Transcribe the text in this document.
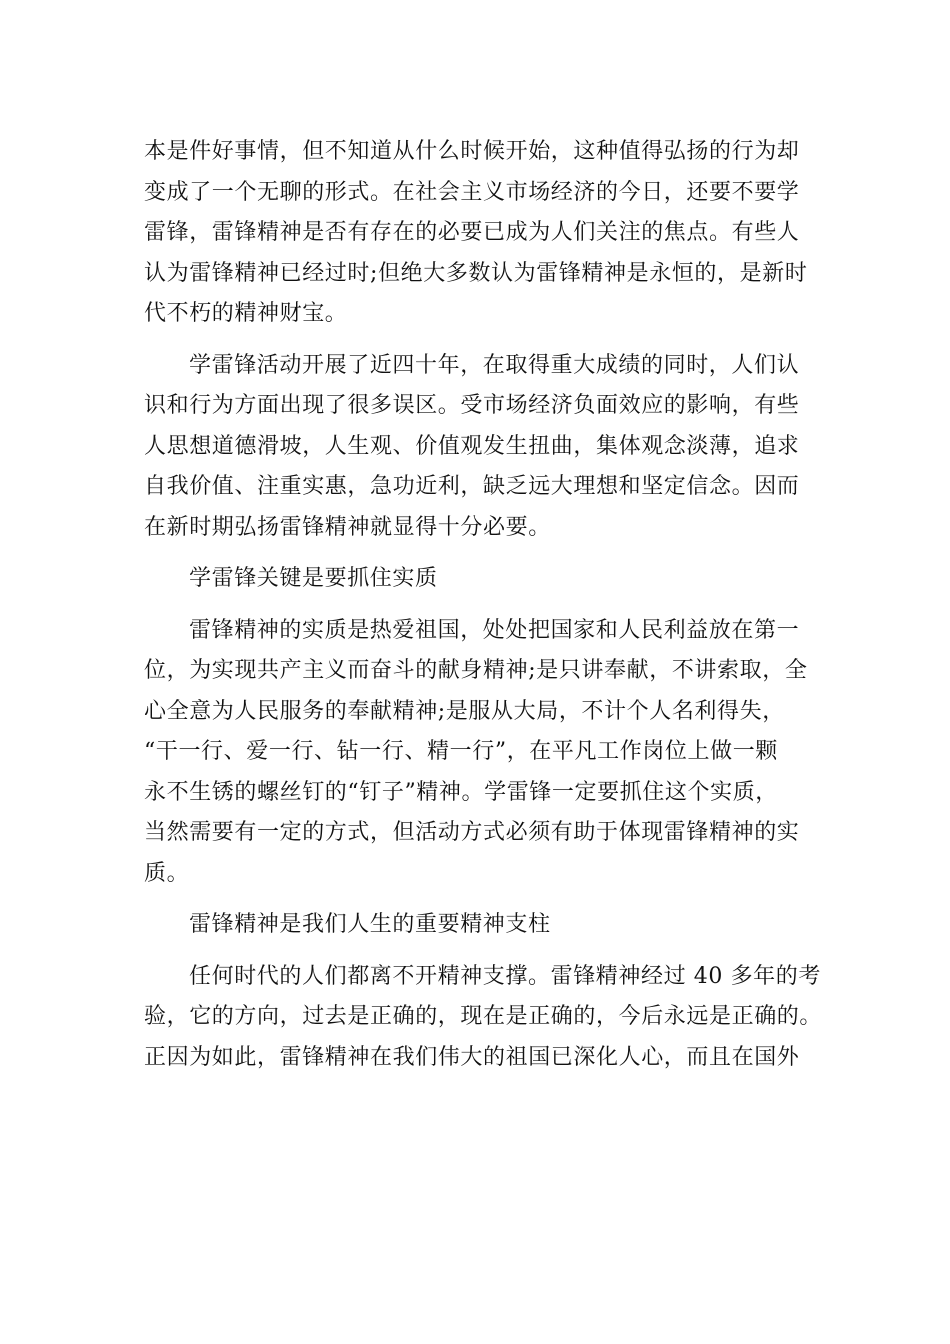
本是件好事情，但不知道从什么时候开始，这种值得弘扬的行为却
变成了一个无聊的形式。在社会主义市场经济的今日，还要不要学
雷锋，雷锋精神是否有存在的必要已成为人们关注的焦点。有些人
认为雷锋精神已经过时;但绝大多数认为雷锋精神是永恒的，是新时
代不朽的精神财宝。

学雷锋活动开展了近四十年，在取得重大成绩的同时，人们认
识和行为方面出现了很多误区。受市场经济负面效应的影响，有些
人思想道德滑坡，人生观、价值观发生扭曲，集体观念淡薄，追求
自我价值、注重实惠，急功近利，缺乏远大理想和坚定信念。因而
在新时期弘扬雷锋精神就显得十分必要。

学雷锋关键是要抓住实质

雷锋精神的实质是热爱祖国，处处把国家和人民利益放在第一
位，为实现共产主义而奋斗的献身精神;是只讲奉献，不讲索取，全
心全意为人民服务的奉献精神;是服从大局，不计个人名利得失，
“干一行、爱一行、钻一行、精一行”，在平凡工作岗位上做一颗
永不生锈的螺丝钉的“钉子”精神。学雷锋一定要抓住这个实质，
当然需要有一定的方式，但活动方式必须有助于体现雷锋精神的实
质。

雷锋精神是我们人生的重要精神支柱

任何时代的人们都离不开精神支撑。雷锋精神经过 40 多年的考
验，它的方向，过去是正确的，现在是正确的，今后永远是正确的。
正因为如此，雷锋精神在我们伟大的祖国已深化人心，而且在国外
